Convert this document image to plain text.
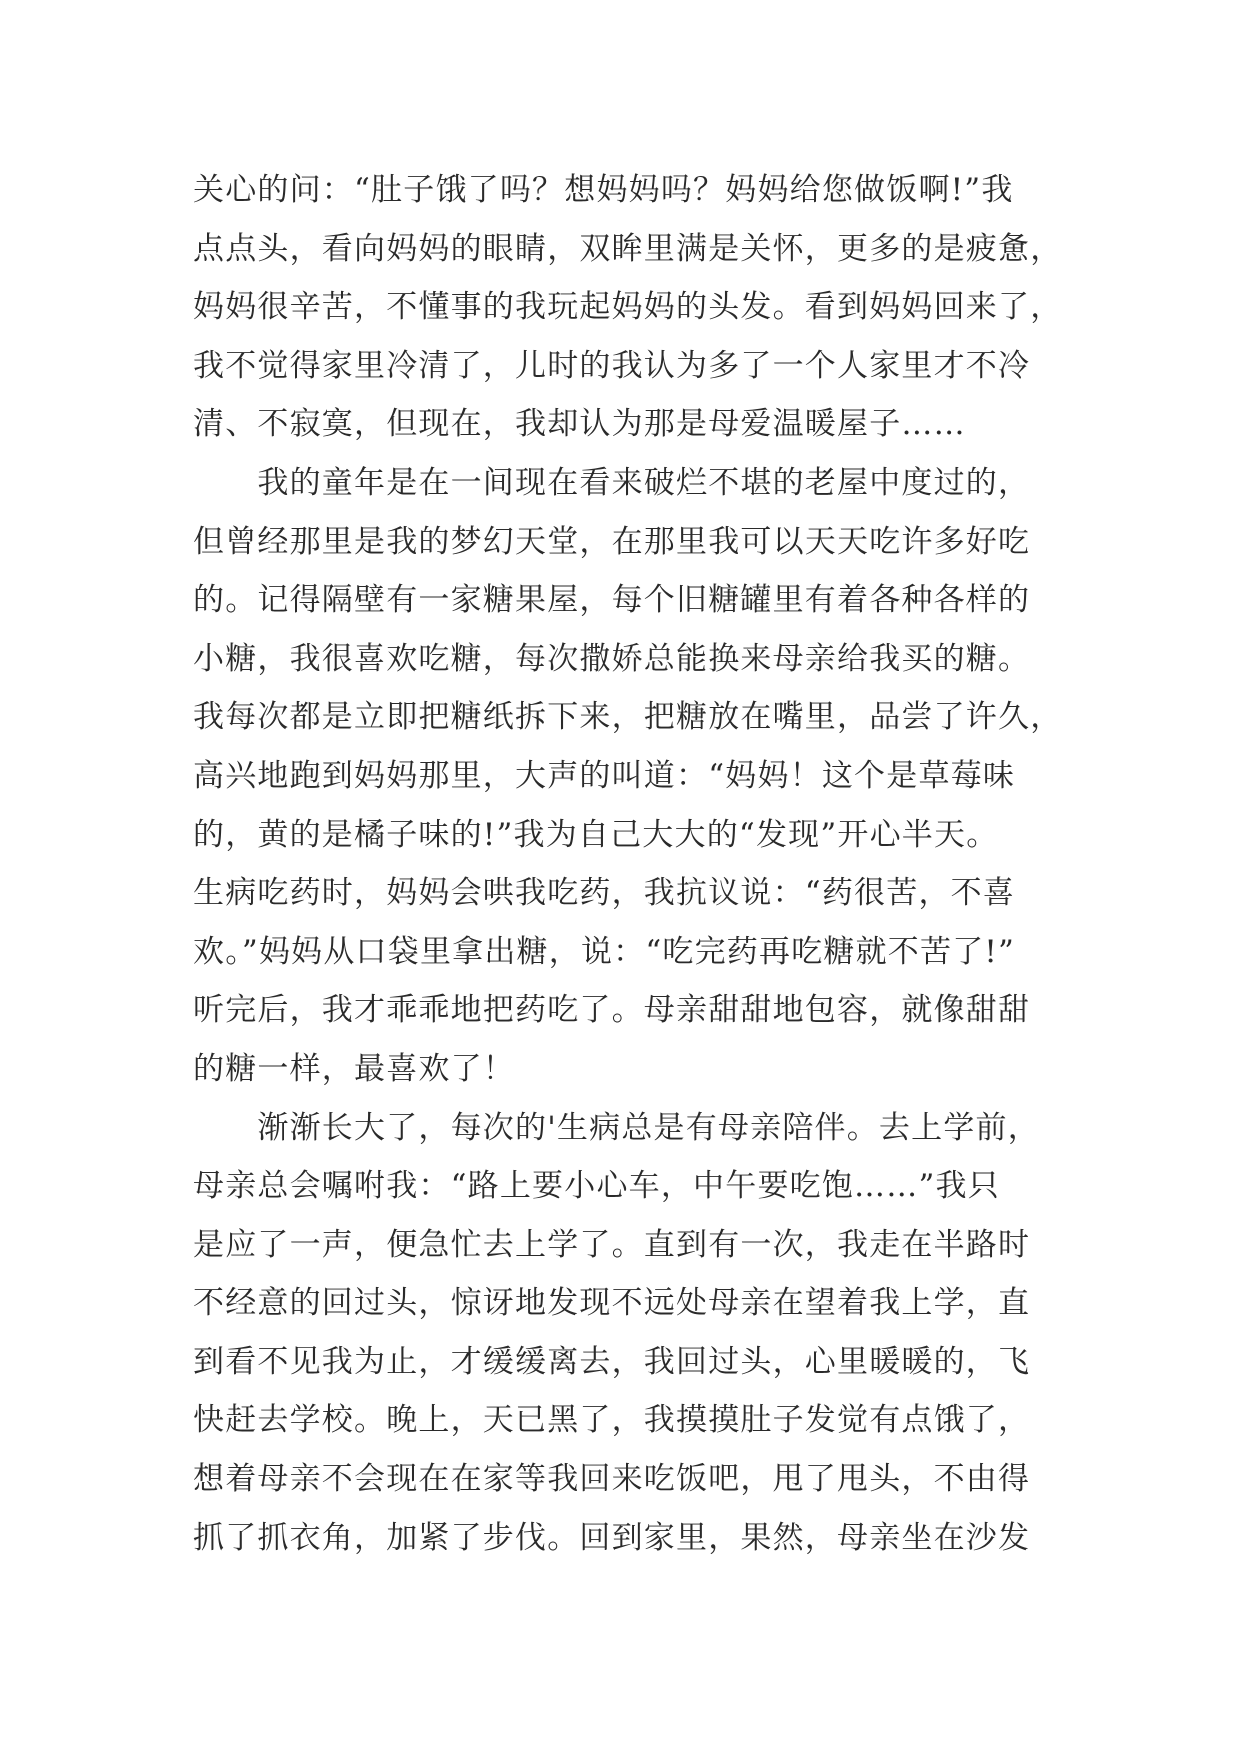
关心的问：“肚子饿了吗？想妈妈吗？妈妈给您做饭啊!”我
点点头，看向妈妈的眼睛，双眸里满是关怀，更多的是疲惫，
妈妈很辛苦，不懂事的我玩起妈妈的头发。看到妈妈回来了，
我不觉得家里冷清了，儿时的我认为多了一个人家里才不冷
清、不寂寞，但现在，我却认为那是母爱温暖屋子……
　　我的童年是在一间现在看来破烂不堪的老屋中度过的，
但曾经那里是我的梦幻天堂，在那里我可以天天吃许多好吃
的。记得隔壁有一家糖果屋，每个旧糖罐里有着各种各样的
小糖，我很喜欢吃糖，每次撒娇总能换来母亲给我买的糖。
我每次都是立即把糖纸拆下来，把糖放在嘴里，品尝了许久，
高兴地跑到妈妈那里，大声的叫道：“妈妈！这个是草莓味
的，黄的是橘子味的!”我为自己大大的“发现”开心半天。
生病吃药时，妈妈会哄我吃药，我抗议说：“药很苦，不喜
欢。”妈妈从口袋里拿出糖，说：“吃完药再吃糖就不苦了!”
听完后，我才乖乖地把药吃了。母亲甜甜地包容，就像甜甜
的糖一样，最喜欢了！
　　渐渐长大了，每次的'生病总是有母亲陪伴。去上学前，
母亲总会嘱咐我：“路上要小心车，中午要吃饱……”我只
是应了一声，便急忙去上学了。直到有一次，我走在半路时
不经意的回过头，惊讶地发现不远处母亲在望着我上学，直
到看不见我为止，才缓缓离去，我回过头，心里暖暖的，飞
快赶去学校。晚上，天已黑了，我摸摸肚子发觉有点饿了，
想着母亲不会现在在家等我回来吃饭吧，甩了甩头，不由得
抓了抓衣角，加紧了步伐。回到家里，果然，母亲坐在沙发
